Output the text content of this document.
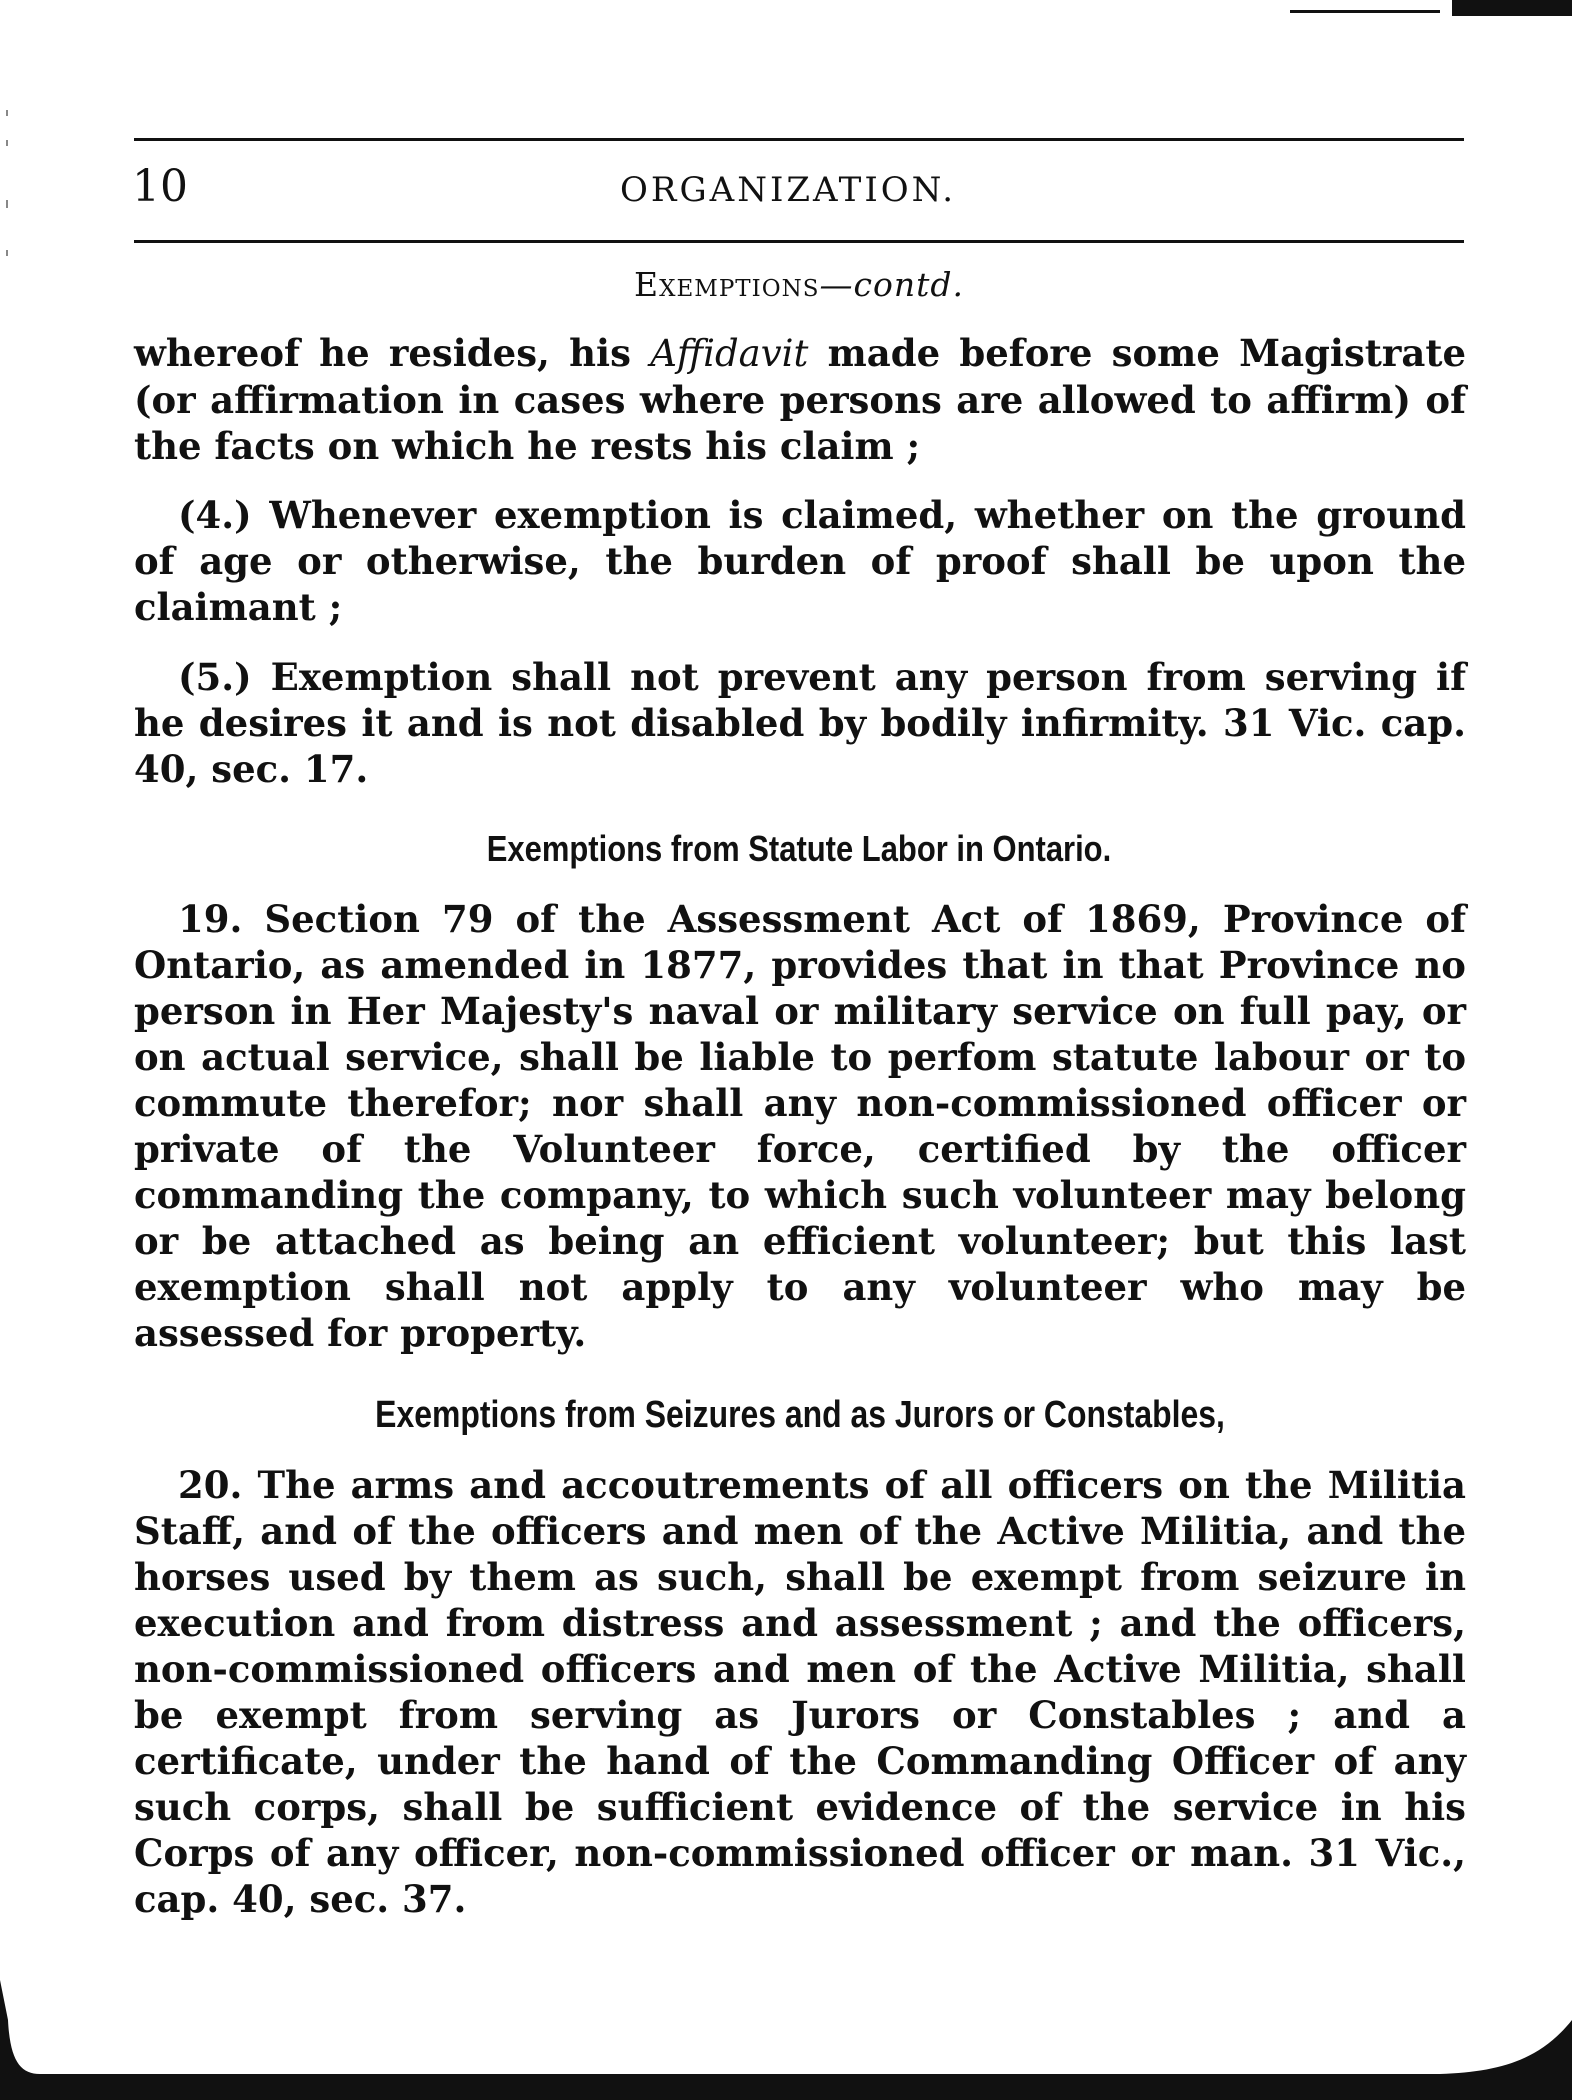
10	ORGANIZATION.
Exemptions—contd.
whereof he resides, his Affidavit made before some Magistrate (or affirmation in cases where persons are allowed to affirm) of the facts on which he rests his claim ;
(4.) Whenever exemption is claimed, whether on the ground of age or otherwise, the burden of proof shall be upon the claimant ;
(5.) Exemption shall not prevent any person from serving if he desires it and is not disabled by bodily infirmity. 31 Vic. cap. 40, sec. 17.
Exemptions from Statute Labor in Ontario.
19. Section 79 of the Assessment Act of 1869, Province of Ontario, as amended in 1877, provides that in that Province no person in Her Majesty's naval or military service on full pay, or on actual service, shall be liable to perfom statute labour or to commute therefor; nor shall any non-commissioned officer or private of the Volunteer force, certified by the officer commanding the company, to which such volunteer may belong or be attached as being an efficient volunteer; but this last exemption shall not apply to any volunteer who may be assessed for property.
Exemptions from Seizures and as Jurors or Constables,
20. The arms and accoutrements of all officers on the Militia Staff, and of the officers and men of the Active Militia, and the horses used by them as such, shall be exempt from seizure in execution and from distress and assessment ; and the officers, non-commissioned officers and men of the Active Militia, shall be exempt from serving as Jurors or Constables ; and a certificate, under the hand of the Commanding Officer of any such corps, shall be sufficient evidence of the service in his Corps of any officer, non-commissioned officer or man. 31 Vic., cap. 40, sec. 37.
